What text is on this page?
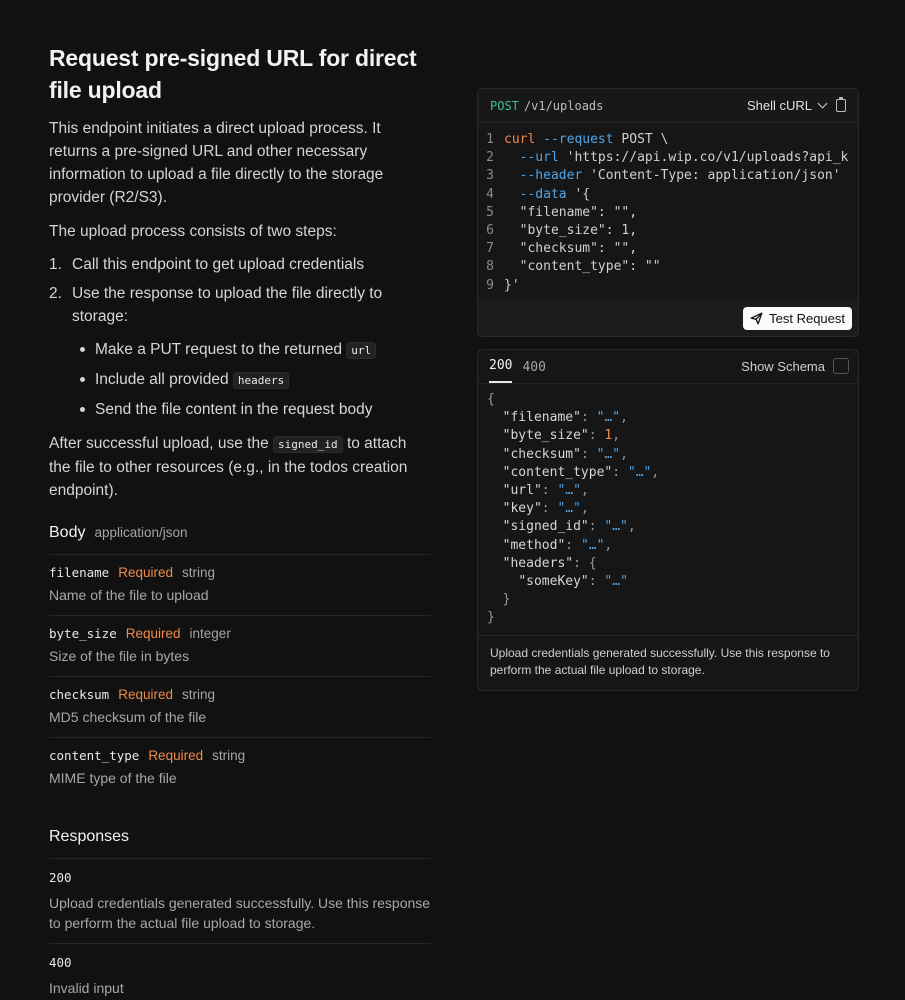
Request pre-signed URL for direct file upload

This endpoint initiates a direct upload process. It returns a pre-signed URL and other necessary information to upload a file directly to the storage provider (R2/S3).

The upload process consists of two steps:

1. Call this endpoint to get upload credentials
2. Use the response to upload the file directly to storage:
Make a PUT request to the returned url
Include all provided headers
Send the file content in the request body

After successful upload, use the signed_id to attach the file to other resources (e.g., in the todos creation endpoint).

Body application/json
filename Required string
Name of the file to upload
byte_size Required integer
Size of the file in bytes
checksum Required string
MD5 checksum of the file
content_type Required string
MIME type of the file
Responses
200
Upload credentials generated successfully. Use this response to perform the actual file upload to storage.
400
Invalid input
POST /v1/uploads	Shell cURL
1 curl --request POST \
2	--url 'https://api.wip.co/v1/uploads?api_k
3	--header 'Content-Type: application/json'
4	--data '{
5 "filename": "",
6 "byte_size": 1,
7 "checksum": "",
8 "content_type": ""
9 }'
Test Request
200 400	Show Schema
{

"filename" : "…" ,

"byte_size" : 1 ,

"checksum" : "…" ,

"content_type" : "…" ,

"url" : "…" ,

"key" : "…" ,

"signed_id" : "…" ,

"method" : "…" ,

"headers" : {

"someKey" : "…"
}
}
Upload credentials generated successfully. Use this response to perform the actual file upload to storage.
